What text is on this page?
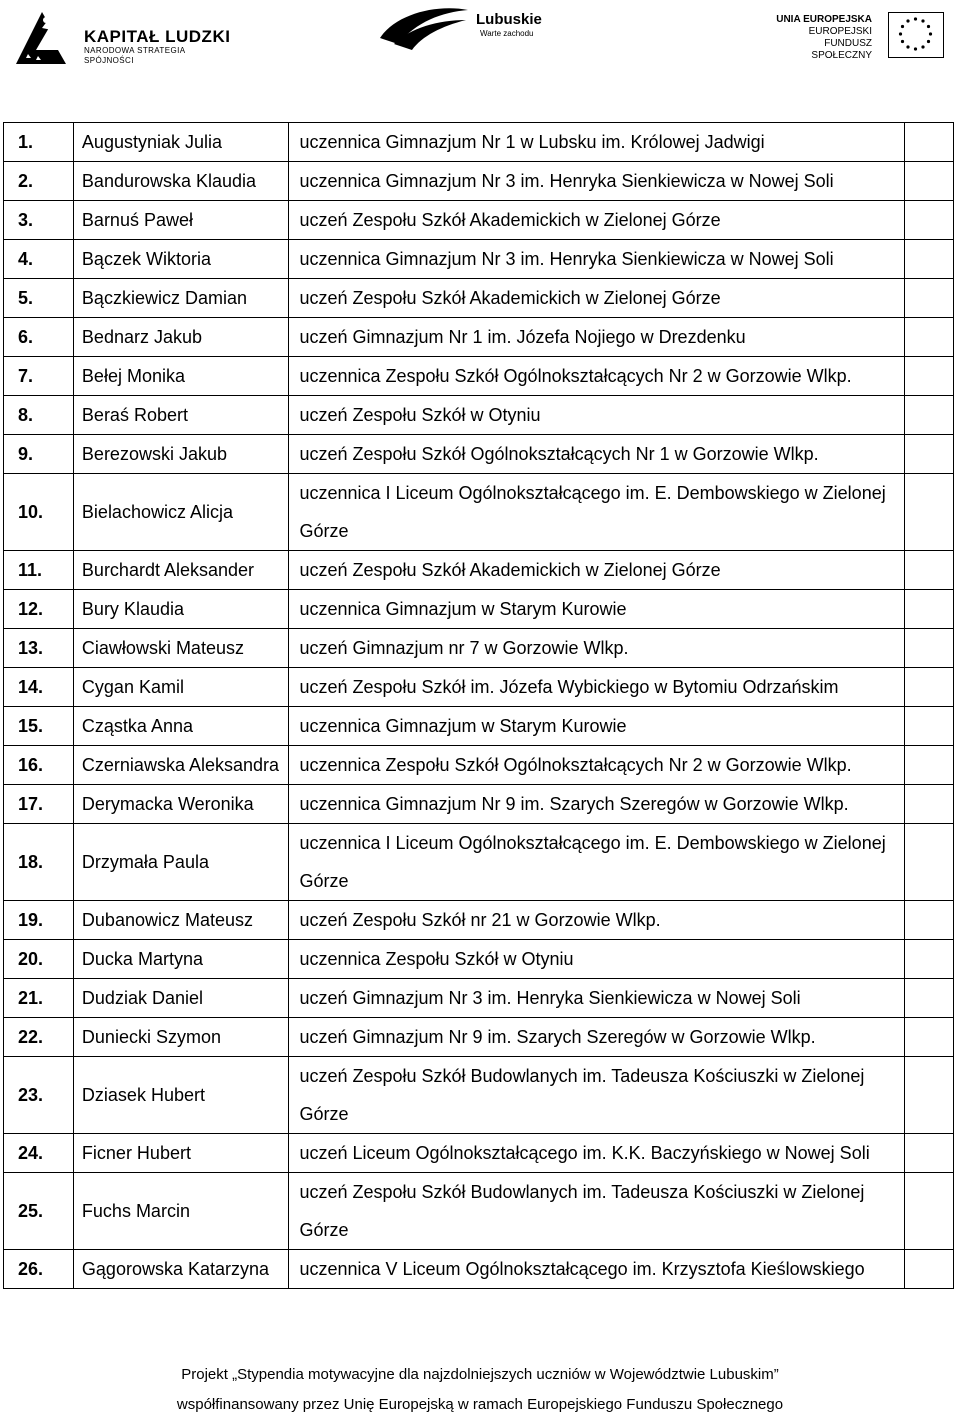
KAPITAŁ LUDZKI
NARODOWA STRATEGIA SPÓJNOŚCI
Lubuskie
Warte zachodu
UNIA EUROPEJSKA
EUROPEJSKI
FUNDUSZ SPOŁECZNY
1.	Augustyniak Julia	uczennica Gimnazjum Nr 1 w Lubsku im. Królowej Jadwigi	
2.	Bandurowska Klaudia	uczennica Gimnazjum Nr 3 im. Henryka Sienkiewicza w Nowej Soli	
3.	Barnuś Paweł	uczeń Zespołu Szkół Akademickich w Zielonej Górze	
4.	Bączek Wiktoria	uczennica Gimnazjum Nr 3 im. Henryka Sienkiewicza w Nowej Soli	
5.	Bączkiewicz Damian	uczeń Zespołu Szkół Akademickich w Zielonej Górze	
6.	Bednarz Jakub	uczeń Gimnazjum Nr 1 im. Józefa Nojiego w Drezdenku	
7.	Bełej Monika	uczennica Zespołu Szkół Ogólnokształcących Nr 2 w Gorzowie Wlkp.	
8.	Beraś Robert	uczeń Zespołu Szkół w Otyniu	
9.	Berezowski Jakub	uczeń Zespołu Szkół Ogólnokształcących Nr 1 w Gorzowie Wlkp.	
10.	Bielachowicz Alicja	uczennica I Liceum Ogólnokształcącego im. E. Dembowskiego w Zielonej Górze	
11.	Burchardt Aleksander	uczeń Zespołu Szkół Akademickich w Zielonej Górze	
12.	Bury Klaudia	uczennica Gimnazjum w Starym Kurowie	
13.	Ciawłowski Mateusz	uczeń Gimnazjum nr 7 w Gorzowie Wlkp.	
14.	Cygan Kamil	uczeń Zespołu Szkół im. Józefa Wybickiego w Bytomiu Odrzańskim	
15.	Cząstka Anna	uczennica Gimnazjum w Starym Kurowie	
16.	Czerniawska Aleksandra	uczennica Zespołu Szkół Ogólnokształcących Nr 2 w Gorzowie Wlkp.	
17.	Derymacka Weronika	uczennica Gimnazjum Nr 9 im. Szarych Szeregów w Gorzowie Wlkp.	
18.	Drzymała Paula	uczennica I Liceum Ogólnokształcącego im. E. Dembowskiego w Zielonej Górze	
19.	Dubanowicz Mateusz	uczeń Zespołu Szkół nr 21 w Gorzowie Wlkp.	
20.	Ducka Martyna	uczennica Zespołu Szkół w Otyniu	
21.	Dudziak Daniel	uczeń Gimnazjum Nr 3 im. Henryka Sienkiewicza w Nowej Soli	
22.	Duniecki Szymon	uczeń Gimnazjum Nr 9 im. Szarych Szeregów w Gorzowie Wlkp.	
23.	Dziasek Hubert	uczeń Zespołu Szkół Budowlanych im. Tadeusza Kościuszki w Zielonej Górze	
24.	Ficner Hubert	uczeń Liceum Ogólnokształcącego im. K.K. Baczyńskiego w Nowej Soli	
25.	Fuchs Marcin	uczeń Zespołu Szkół Budowlanych im. Tadeusza Kościuszki w Zielonej Górze	
26.	Gągorowska Katarzyna	uczennica V Liceum Ogólnokształcącego im. Krzysztofa Kieślowskiego	
Projekt „Stypendia motywacyjne dla najzdolniejszych uczniów w Województwie Lubuskim”
współfinansowany przez Unię Europejską w ramach Europejskiego Funduszu Społecznego
